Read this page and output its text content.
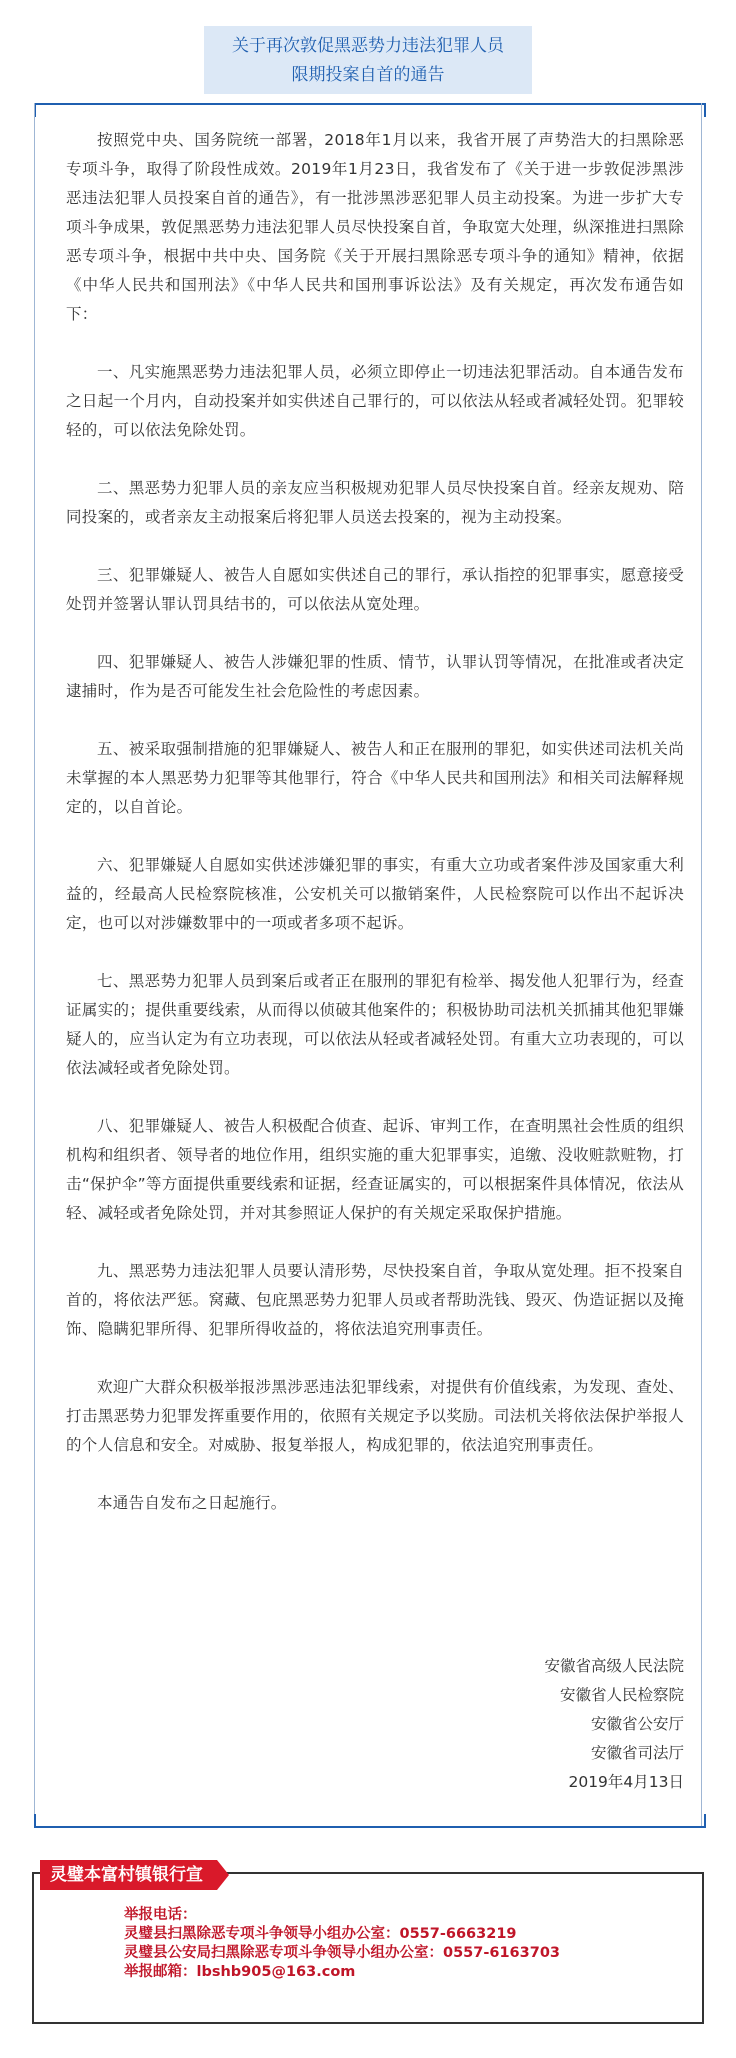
关于再次敦促黑恶势力违法犯罪人员
限期投案自首的通告

按照党中央、国务院统一部署，2018年1月以来，我省开展了声势浩大的扫黑除恶专项斗争，取得了阶段性成效。2019年1月23日，我省发布了《关于进一步敦促涉黑涉恶违法犯罪人员投案自首的通告》，有一批涉黑涉恶犯罪人员主动投案。为进一步扩大专项斗争成果，敦促黑恶势力违法犯罪人员尽快投案自首，争取宽大处理，纵深推进扫黑除恶专项斗争，根据中共中央、国务院《关于开展扫黑除恶专项斗争的通知》精神，依据《中华人民共和国刑法》《中华人民共和国刑事诉讼法》及有关规定，再次发布通告如下：

一、凡实施黑恶势力违法犯罪人员，必须立即停止一切违法犯罪活动。自本通告发布之日起一个月内，自动投案并如实供述自己罪行的，可以依法从轻或者减轻处罚。犯罪较轻的，可以依法免除处罚。

二、黑恶势力犯罪人员的亲友应当积极规劝犯罪人员尽快投案自首。经亲友规劝、陪同投案的，或者亲友主动报案后将犯罪人员送去投案的，视为主动投案。

三、犯罪嫌疑人、被告人自愿如实供述自己的罪行，承认指控的犯罪事实，愿意接受处罚并签署认罪认罚具结书的，可以依法从宽处理。

四、犯罪嫌疑人、被告人涉嫌犯罪的性质、情节，认罪认罚等情况，在批准或者决定逮捕时，作为是否可能发生社会危险性的考虑因素。

五、被采取强制措施的犯罪嫌疑人、被告人和正在服刑的罪犯，如实供述司法机关尚未掌握的本人黑恶势力犯罪等其他罪行，符合《中华人民共和国刑法》和相关司法解释规定的，以自首论。

六、犯罪嫌疑人自愿如实供述涉嫌犯罪的事实，有重大立功或者案件涉及国家重大利益的，经最高人民检察院核准，公安机关可以撤销案件，人民检察院可以作出不起诉决定，也可以对涉嫌数罪中的一项或者多项不起诉。

七、黑恶势力犯罪人员到案后或者正在服刑的罪犯有检举、揭发他人犯罪行为，经查证属实的；提供重要线索，从而得以侦破其他案件的；积极协助司法机关抓捕其他犯罪嫌疑人的，应当认定为有立功表现，可以依法从轻或者减轻处罚。有重大立功表现的，可以依法减轻或者免除处罚。

八、犯罪嫌疑人、被告人积极配合侦查、起诉、审判工作，在查明黑社会性质的组织机构和组织者、领导者的地位作用，组织实施的重大犯罪事实，追缴、没收赃款赃物，打击“保护伞”等方面提供重要线索和证据，经查证属实的，可以根据案件具体情况，依法从轻、减轻或者免除处罚，并对其参照证人保护的有关规定采取保护措施。

九、黑恶势力违法犯罪人员要认清形势，尽快投案自首，争取从宽处理。拒不投案自首的，将依法严惩。窝藏、包庇黑恶势力犯罪人员或者帮助洗钱、毁灭、伪造证据以及掩饰、隐瞒犯罪所得、犯罪所得收益的，将依法追究刑事责任。

欢迎广大群众积极举报涉黑涉恶违法犯罪线索，对提供有价值线索，为发现、查处、打击黑恶势力犯罪发挥重要作用的，依照有关规定予以奖励。司法机关将依法保护举报人的个人信息和安全。对威胁、报复举报人，构成犯罪的，依法追究刑事责任。

本通告自发布之日起施行。

安徽省高级人民法院
安徽省人民检察院
安徽省公安厅
安徽省司法厅
2019年4月13日
灵璧本富村镇银行宣
举报电话：
灵璧县扫黑除恶专项斗争领导小组办公室：0557-6663219
灵璧县公安局扫黑除恶专项斗争领导小组办公室：0557-6163703
举报邮箱：lbshb905@163.com
